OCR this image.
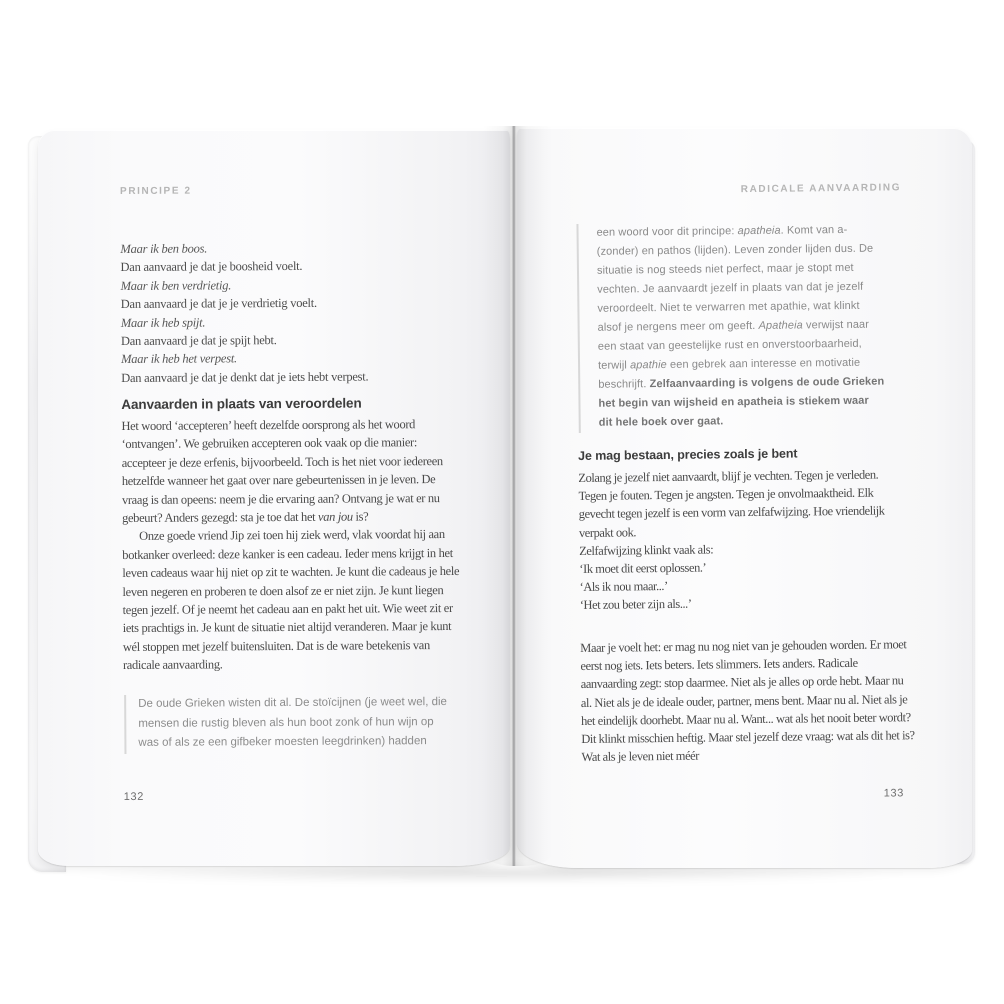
PRINCIPE 2
Maar ik ben boos.
Dan aanvaard je dat je boosheid voelt.
Maar ik ben verdrietig.
Dan aanvaard je dat je je verdrietig voelt.
Maar ik heb spijt.
Dan aanvaard je dat je spijt hebt.
Maar ik heb het verpest.
Dan aanvaard je dat je denkt dat je iets hebt verpest.
Aanvaarden in plaats van veroordelen

Het woord ‘accepteren’ heeft dezelfde oorsprong als het woord ‘ontvangen’. We gebruiken accepteren ook vaak op die manier: accepteer je deze erfenis, bijvoorbeeld. Toch is het niet voor iedereen hetzelfde wanneer het gaat over nare gebeurtenissen in je leven. De vraag is dan opeens: neem je die ervaring aan? Ontvang je wat er nu gebeurt? Anders gezegd: sta je toe dat het van jou is?

Onze goede vriend Jip zei toen hij ziek werd, vlak voordat hij aan botkanker overleed: deze kanker is een cadeau. Ieder mens krijgt in het leven cadeaus waar hij niet op zit te wachten. Je kunt die cadeaus je hele leven negeren en proberen te doen alsof ze er niet zijn. Je kunt liegen tegen jezelf. Of je neemt het cadeau aan en pakt het uit. Wie weet zit er iets prachtigs in. Je kunt de situatie niet altijd veranderen. Maar je kunt wél stoppen met jezelf buitensluiten. Dat is de ware betekenis van radicale aanvaarding.

De oude Grieken wisten dit al. De stoïcijnen (je weet wel, die mensen die rustig bleven als hun boot zonk of hun wijn op was of als ze een gifbeker moesten leegdrinken) hadden

132
RADICALE AANVAARDING

een woord voor dit principe: apatheia. Komt van a- (zonder) en pathos (lijden). Leven zonder lijden dus. De situatie is nog steeds niet perfect, maar je stopt met vechten. Je aanvaardt jezelf in plaats van dat je jezelf veroordeelt. Niet te verwarren met apathie, wat klinkt alsof je nergens meer om geeft. Apatheia verwijst naar een staat van geestelijke rust en onverstoorbaarheid, terwijl apathie een gebrek aan interesse en motivatie beschrijft. Zelfaanvaarding is volgens de oude Grieken het begin van wijsheid en apatheia is stiekem waar dit hele boek over gaat.

Je mag bestaan, precies zoals je bent

Zolang je jezelf niet aanvaardt, blijf je vechten. Tegen je verleden. Tegen je fouten. Tegen je angsten. Tegen je onvolmaaktheid. Elk gevecht tegen jezelf is een vorm van zelfafwijzing. Hoe vriendelijk verpakt ook.

Zelfafwijzing klinkt vaak als:
‘Ik moet dit eerst oplossen.’
‘Als ik nou maar...’
‘Het zou beter zijn als...’

Maar je voelt het: er mag nu nog niet van je gehouden worden. Er moet eerst nog iets. Iets beters. Iets slimmers. Iets anders. Radicale aanvaarding zegt: stop daarmee. Niet als je alles op orde hebt. Maar nu al. Niet als je de ideale ouder, partner, mens bent. Maar nu al. Niet als je het eindelijk doorhebt. Maar nu al. Want... wat als het nooit beter wordt? Dit klinkt misschien heftig. Maar stel jezelf deze vraag: wat als dit het is? Wat als je leven niet méér

133
